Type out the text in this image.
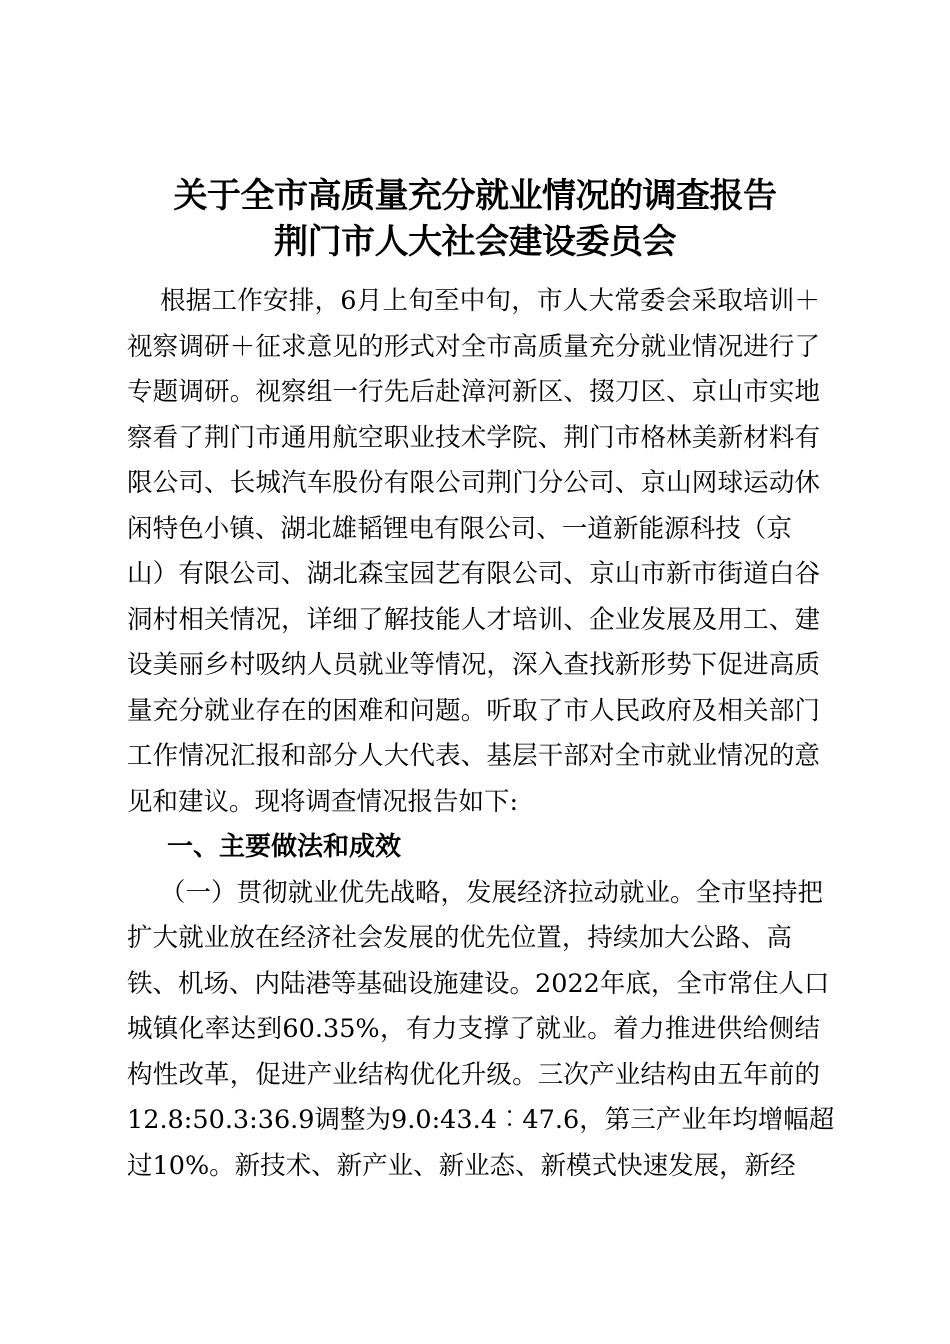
关于全市高质量充分就业情况的调查报告
荆门市人大社会建设委员会
根据工作安排，6月上旬至中旬，市人大常委会采取培训＋
视察调研＋征求意见的形式对全市高质量充分就业情况进行了
专题调研。视察组一行先后赴漳河新区、掇刀区、京山市实地
察看了荆门市通用航空职业技术学院、荆门市格林美新材料有
限公司、长城汽车股份有限公司荆门分公司、京山网球运动休
闲特色小镇、湖北雄韬锂电有限公司、一道新能源科技（京
山）有限公司、湖北森宝园艺有限公司、京山市新市街道白谷
洞村相关情况，详细了解技能人才培训、企业发展及用工、建
设美丽乡村吸纳人员就业等情况，深入查找新形势下促进高质
量充分就业存在的困难和问题。听取了市人民政府及相关部门
工作情况汇报和部分人大代表、基层干部对全市就业情况的意
见和建议。现将调查情况报告如下:
一、主要做法和成效
（一）贯彻就业优先战略，发展经济拉动就业。全市坚持把
扩大就业放在经济社会发展的优先位置，持续加大公路、高
铁、机场、内陆港等基础设施建设。2022年底，全市常住人口
城镇化率达到60.35%，有力支撑了就业。着力推进供给侧结
构性改革，促进产业结构优化升级。三次产业结构由五年前的
12.8:50.3:36.9调整为9.0:43.4︰47.6，第三产业年均增幅超
过10%。新技术、新产业、新业态、新模式快速发展，新经
